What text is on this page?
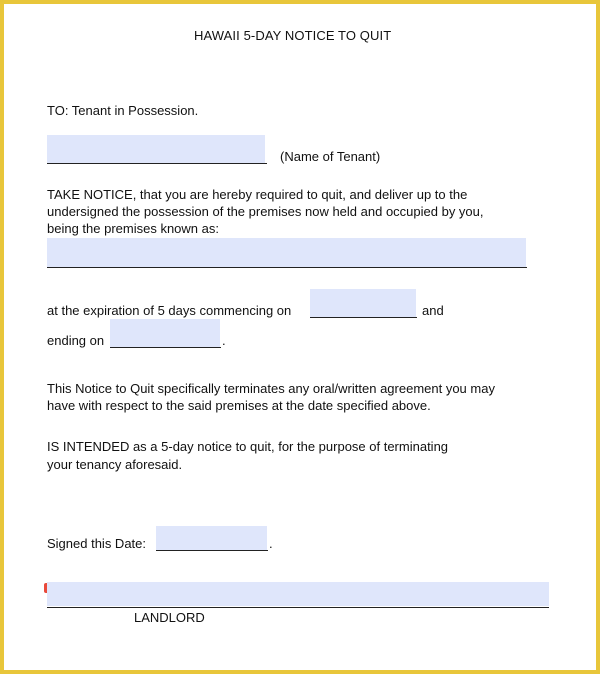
HAWAII 5-DAY NOTICE TO QUIT
TO: Tenant in Possession.
(Name of Tenant)
TAKE NOTICE, that you are hereby required to quit, and deliver up to the
undersigned the possession of the premises now held and occupied by you,
being the premises known as:
at the expiration of 5 days commencing on	and
ending on	.
This Notice to Quit specifically terminates any oral/written agreement you may
have with respect to the said premises at the date specified above.
IS INTENDED as a 5-day notice to quit, for the purpose of terminating
your tenancy aforesaid.
Signed this Date:	.
LANDLORD
